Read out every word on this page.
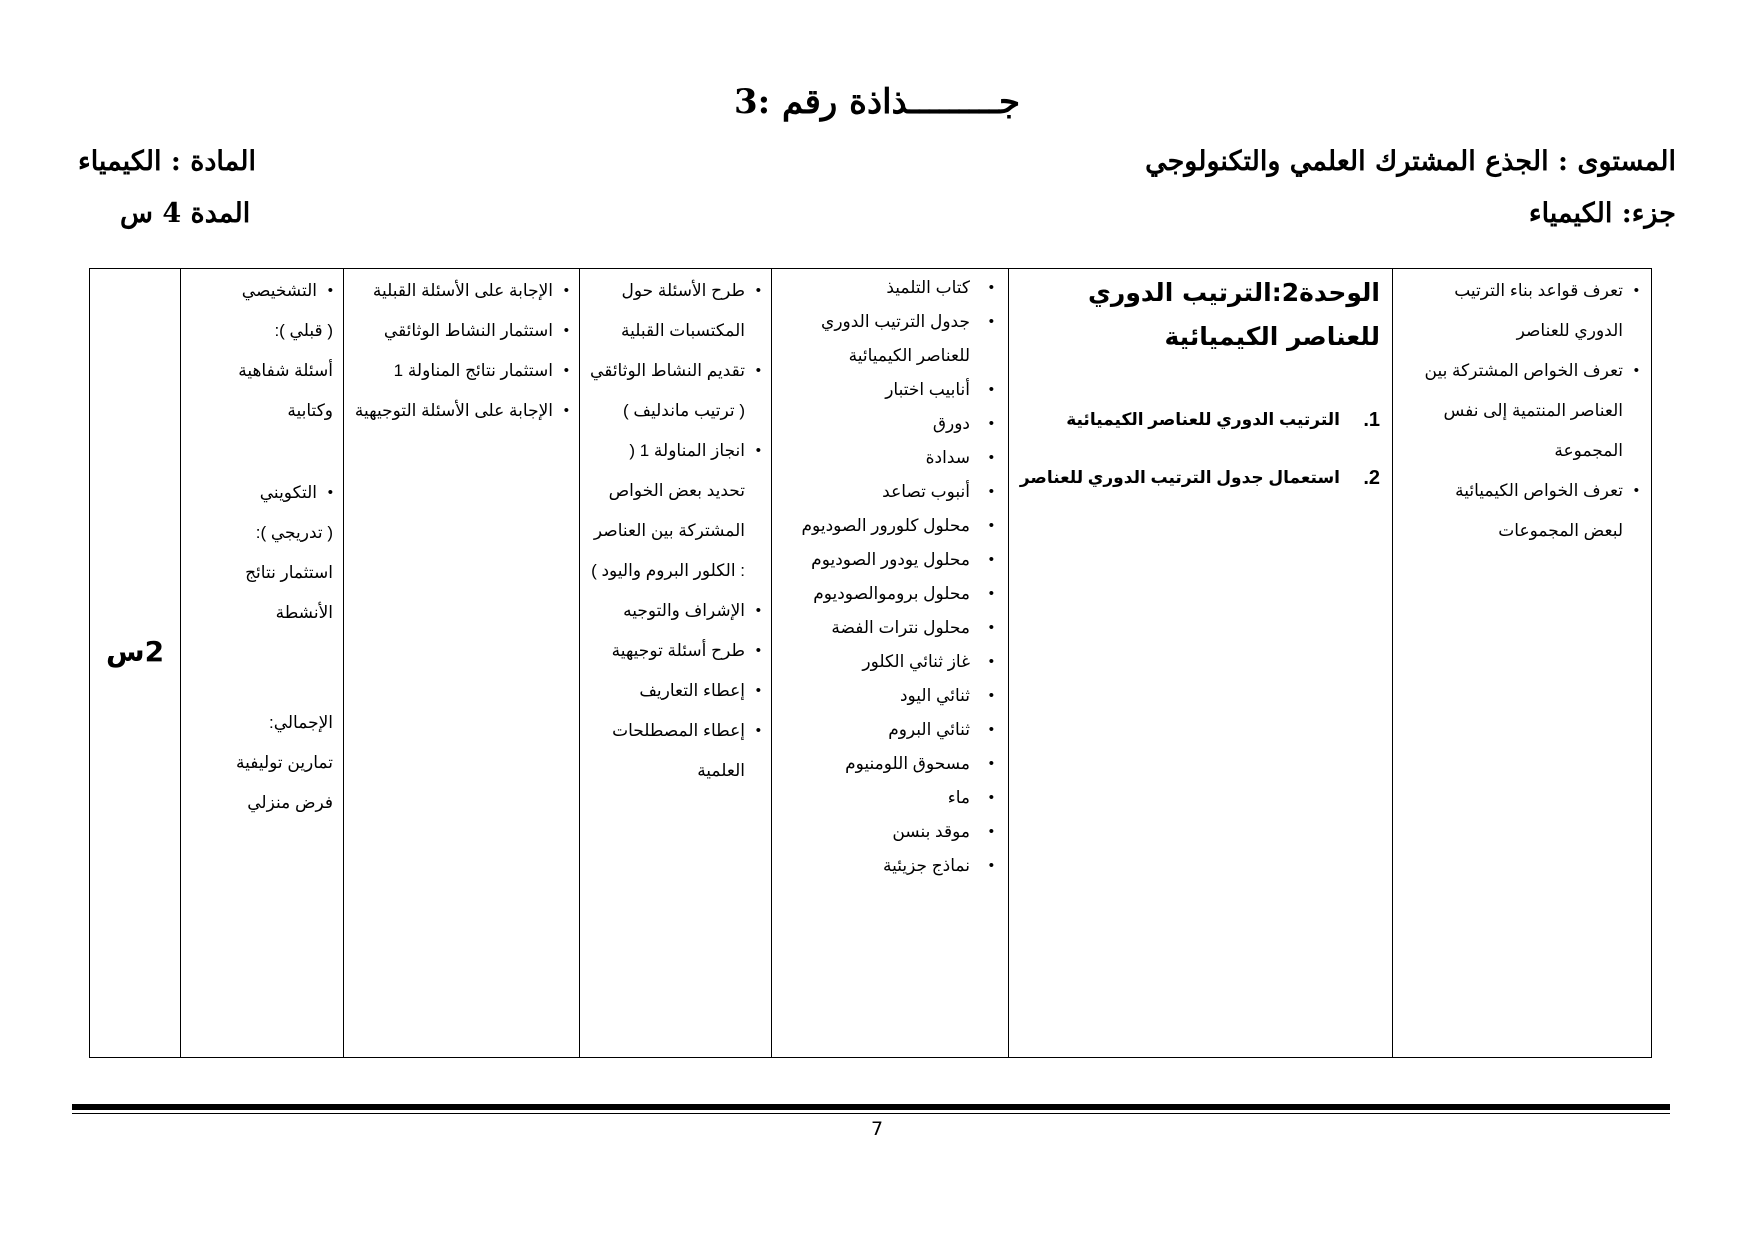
جـــــــــذاذة رقم :3
المستوى : الجذع المشترك العلمي والتكنولوجي
المادة : الكيمياء
جزء: الكيمياء
المدة 4 س
2س
• التشخيصي
( قبلي ):
أسئلة شفاهية
وكتابية
• التكويني
( تدريجي ):
استثمار نتائج
الأنشطة
الإجمالي:
تمارين توليفية
فرض منزلي
• الإجابة على الأسئلة القبلية
• استثمار النشاط الوثائقي
• استثمار نتائج المناولة 1
• الإجابة على الأسئلة التوجيهية
• طرح الأسئلة حول المكتسبات القبلية
• تقديم النشاط الوثائقي ( ترتيب ماندليف )
• انجاز المناولة 1 ( تحديد بعض الخواص المشتركة بين العناصر : الكلور البروم واليود )
• الإشراف والتوجيه
• طرح أسئلة توجيهية
• إعطاء التعاريف
• إعطاء المصطلحات العلمية
• كتاب التلميذ
• جدول الترتيب الدوري للعناصر الكيميائية
• أنابيب اختبار
• دورق
• سدادة
• أنبوب تصاعد
• محلول كلورور الصوديوم
• محلول يودور الصوديوم
• محلول بروموالصوديوم
• محلول نترات الفضة
• غاز ثنائي الكلور
• ثنائي اليود
• ثنائي البروم
• مسحوق اللومنيوم
• ماء
• موقد بنسن
• نماذج جزيئية
الوحدة2:الترتيب الدوري
للعناصر الكيميائية
1.
الترتيب الدوري للعناصر الكيميائية
2.
استعمال جدول الترتيب الدوري للعناصر
• تعرف قواعد بناء الترتيب الدوري للعناصر
• تعرف الخواص المشتركة بين العناصر المنتمية إلى نفس المجموعة
• تعرف الخواص الكيميائية لبعض المجموعات
7
